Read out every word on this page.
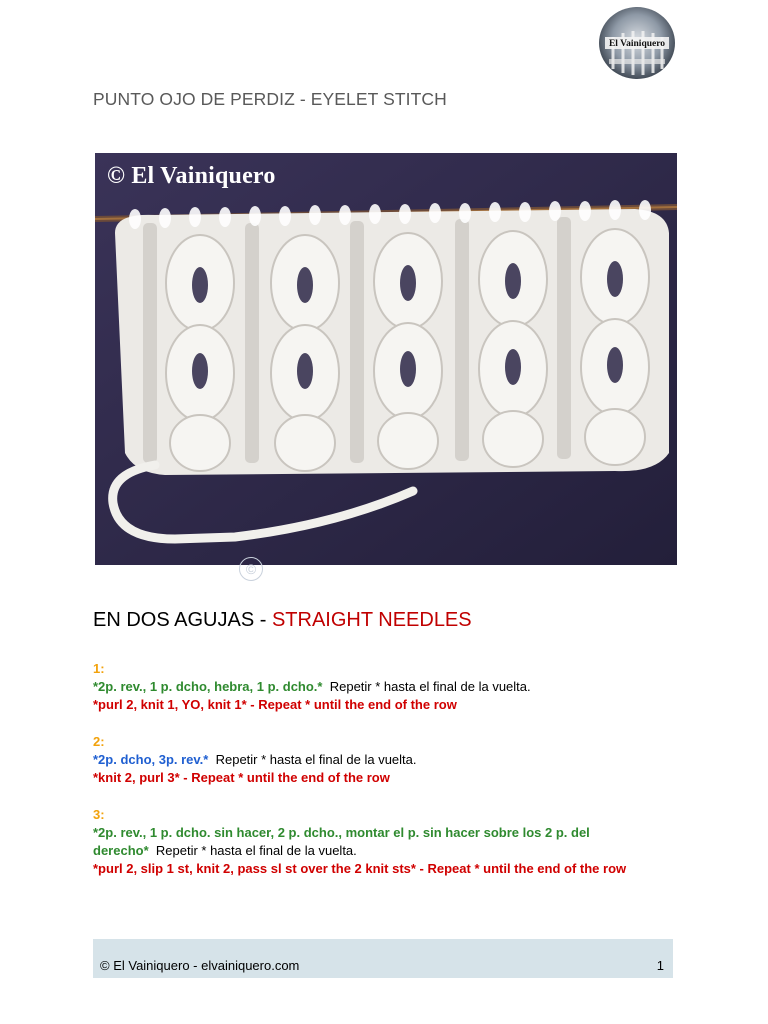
El Vainiquero
PUNTO OJO DE PERDIZ - EYELET STITCH
© El Vainiquero
©
EN DOS AGUJAS - STRAIGHT NEEDLES
1:
*2p. rev., 1 p. dcho, hebra, 1 p. dcho.* Repetir * hasta el final de la vuelta.
*purl 2, knit 1, YO, knit 1* - Repeat * until the end of the row
2:
*2p. dcho, 3p. rev.* Repetir * hasta el final de la vuelta.
*knit 2, purl 3* - Repeat * until the end of the row
3:
*2p. rev., 1 p. dcho. sin hacer, 2 p. dcho., montar el p. sin hacer sobre los 2 p. del
derecho* Repetir * hasta el final de la vuelta.
*purl 2, slip 1 st, knit 2, pass sl st over the 2 knit sts* - Repeat * until the end of the row
© El Vainiquero - elvainiquero.com	1
